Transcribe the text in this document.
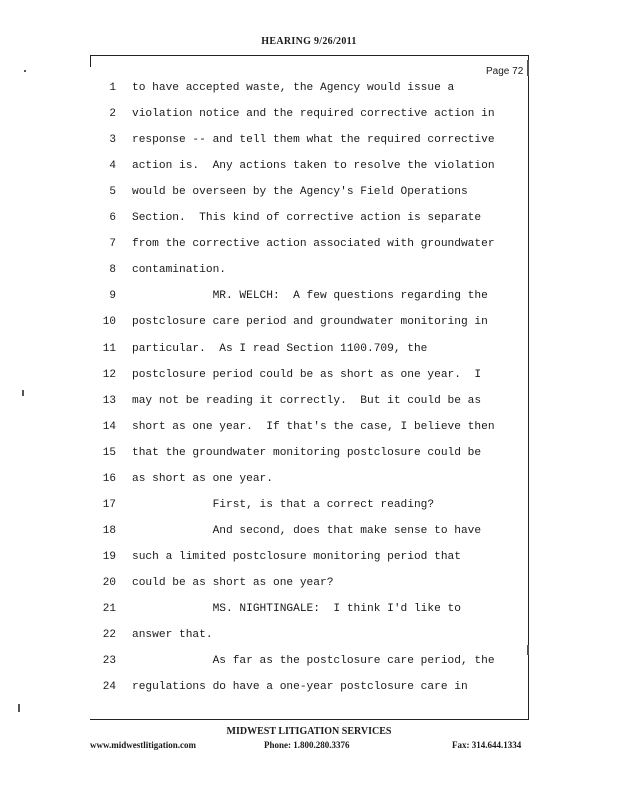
HEARING 9/26/2011
Page 72
1 to have accepted waste, the Agency would issue a
2 violation notice and the required corrective action in
3 response -- and tell them what the required corrective
4 action is.  Any actions taken to resolve the violation
5 would be overseen by the Agency's Field Operations
6 Section.  This kind of corrective action is separate
7 from the corrective action associated with groundwater
8 contamination.
9 MR. WELCH:  A few questions regarding the
10 postclosure care period and groundwater monitoring in
11 particular.  As I read Section 1100.709, the
12 postclosure period could be as short as one year.  I
13 may not be reading it correctly.  But it could be as
14 short as one year.  If that's the case, I believe then
15 that the groundwater monitoring postclosure could be
16 as short as one year.
17 First, is that a correct reading?
18 And second, does that make sense to have
19 such a limited postclosure monitoring period that
20 could be as short as one year?
21 MS. NIGHTINGALE:  I think I'd like to
22 answer that.
23 As far as the postclosure care period, the
24 regulations do have a one-year postclosure care in
MIDWEST LITIGATION SERVICES
www.midwestlitigation.com	Phone: 1.800.280.3376	Fax: 314.644.1334
